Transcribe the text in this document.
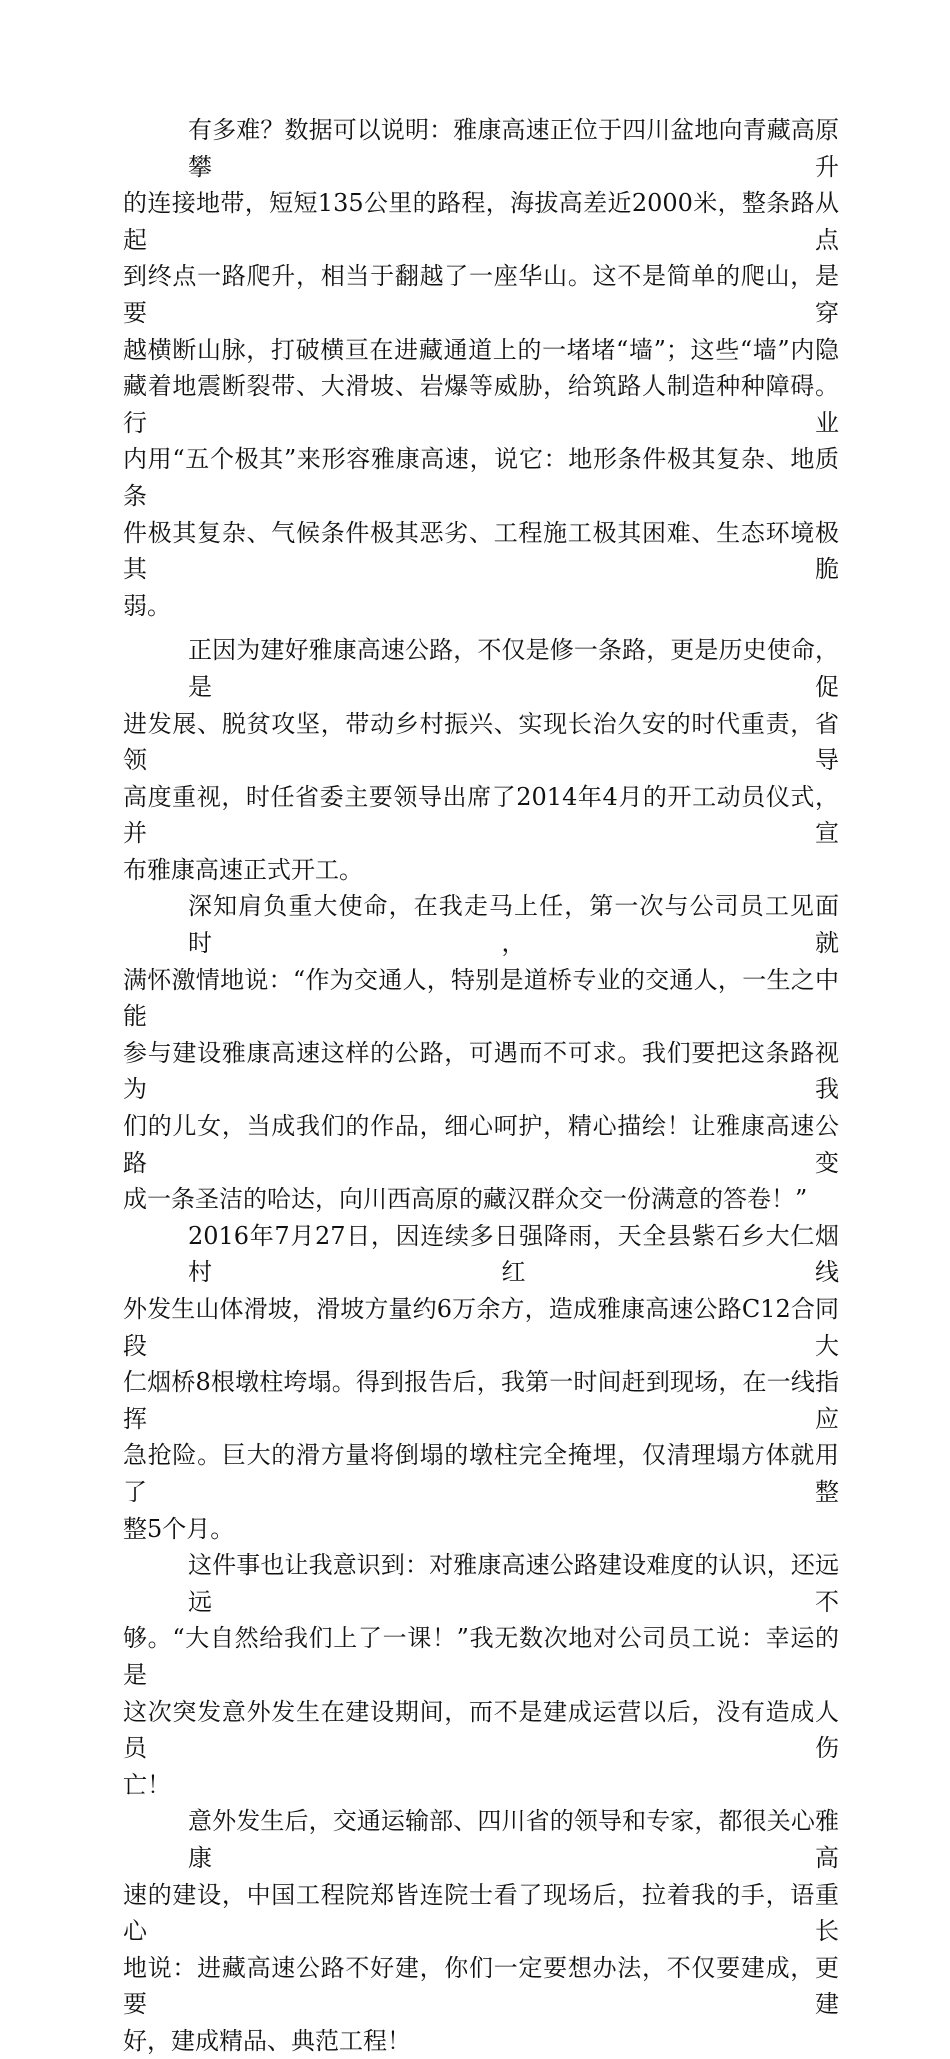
有多难？数据可以说明：雅康高速正位于四川盆地向青藏高原攀升
的连接地带，短短135公里的路程，海拔高差近2000米，整条路从起点
到终点一路爬升，相当于翻越了一座华山。这不是简单的爬山，是要穿
越横断山脉，打破横亘在进藏通道上的一堵堵“墙”；这些“墙”内隐
藏着地震断裂带、大滑坡、岩爆等威胁，给筑路人制造种种障碍。行业
内用“五个极其”来形容雅康高速，说它：地形条件极其复杂、地质条
件极其复杂、气候条件极其恶劣、工程施工极其困难、生态环境极其脆
弱。
正因为建好雅康高速公路，不仅是修一条路，更是历史使命，是促
进发展、脱贫攻坚，带动乡村振兴、实现长治久安的时代重责，省领导
高度重视，时任省委主要领导出席了2014年4月的开工动员仪式，并宣
布雅康高速正式开工。
深知肩负重大使命，在我走马上任，第一次与公司员工见面时，就
满怀激情地说：“作为交通人，特别是道桥专业的交通人，一生之中能
参与建设雅康高速这样的公路，可遇而不可求。我们要把这条路视为我
们的儿女，当成我们的作品，细心呵护，精心描绘！让雅康高速公路变
成一条圣洁的哈达，向川西高原的藏汉群众交一份满意的答卷！”
2016年7月27日，因连续多日强降雨，天全县紫石乡大仁烟村红线
外发生山体滑坡，滑坡方量约6万余方，造成雅康高速公路C12合同段大
仁烟桥8根墩柱垮塌。得到报告后，我第一时间赶到现场，在一线指挥应
急抢险。巨大的滑方量将倒塌的墩柱完全掩埋，仅清理塌方体就用了整
整5个月。
这件事也让我意识到：对雅康高速公路建设难度的认识，还远远不
够。“大自然给我们上了一课！”我无数次地对公司员工说：幸运的是
这次突发意外发生在建设期间，而不是建成运营以后，没有造成人员伤
亡！
意外发生后，交通运输部、四川省的领导和专家，都很关心雅康高
速的建设，中国工程院郑皆连院士看了现场后，拉着我的手，语重心长
地说：进藏高速公路不好建，你们一定要想办法，不仅要建成，更要建
好，建成精品、典范工程！
